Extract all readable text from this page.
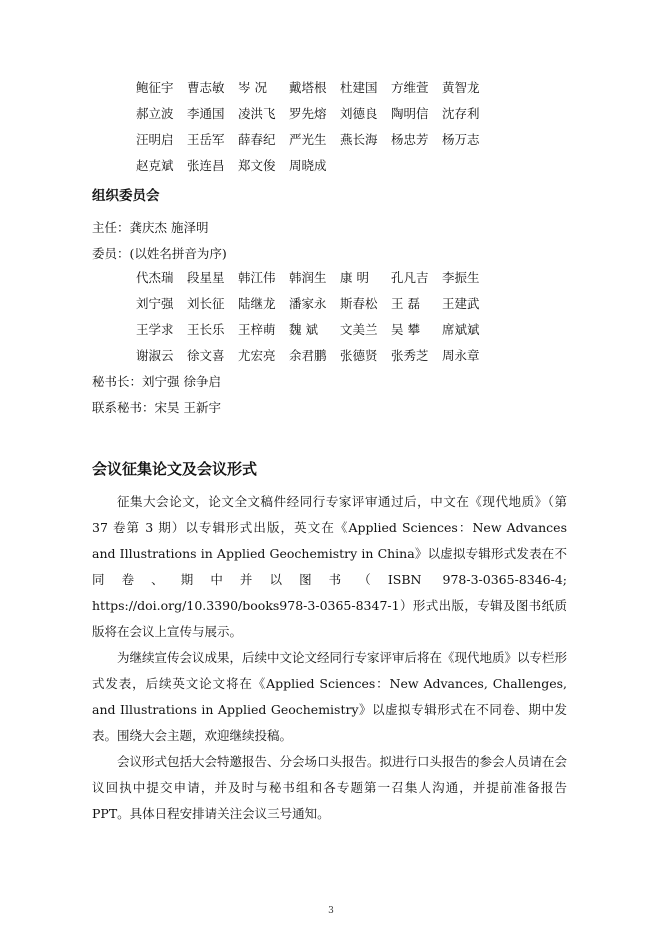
鲍征宇	曹志敏	岑 况	戴塔根	杜建国	方维萱	黄智龙
郝立波	李通国	凌洪飞	罗先熔	刘德良	陶明信	沈存利
汪明启	王岳军	薛春纪	严光生	燕长海	杨忠芳	杨万志
赵克斌	张连昌	郑文俊	周晓成
组织委员会
主任：龚庆杰 施泽明
委员：(以姓名拼音为序)
代杰瑞	段星星	韩江伟	韩润生	康 明	孔凡吉	李振生
刘宁强	刘长征	陆继龙	潘家永	斯春松	王 磊	王建武
王学求	王长乐	王梓萌	魏 斌	文美兰	吴 攀	席斌斌
谢淑云	徐文喜	尤宏亮	余君鹏	张德贤	张秀芝	周永章
秘书长：刘宁强 徐争启
联系秘书：宋昊 王新宇
会议征集论文及会议形式

征集大会论文，论文全文稿件经同行专家评审通过后，中文在《现代地质》（第 37 卷第 3 期）以专辑形式出版，英文在《Applied Sciences：New Advances and Illustrations in Applied Geochemistry in China》以虚拟专辑形式发表在不同卷、期中并以图书（ISBN 978-3-0365-8346-4; https://doi.org/10.3390/books978-3-0365-8347-1）形式出版，专辑及图书纸质版将在会议上宣传与展示。

为继续宣传会议成果，后续中文论文经同行专家评审后将在《现代地质》以专栏形式发表，后续英文论文将在《Applied Sciences：New Advances, Challenges, and Illustrations in Applied Geochemistry》以虚拟专辑形式在不同卷、期中发表。围绕大会主题，欢迎继续投稿。

会议形式包括大会特邀报告、分会场口头报告。拟进行口头报告的参会人员请在会议回执中提交申请，并及时与秘书组和各专题第一召集人沟通，并提前准备报告 PPT。具体日程安排请关注会议三号通知。

3
